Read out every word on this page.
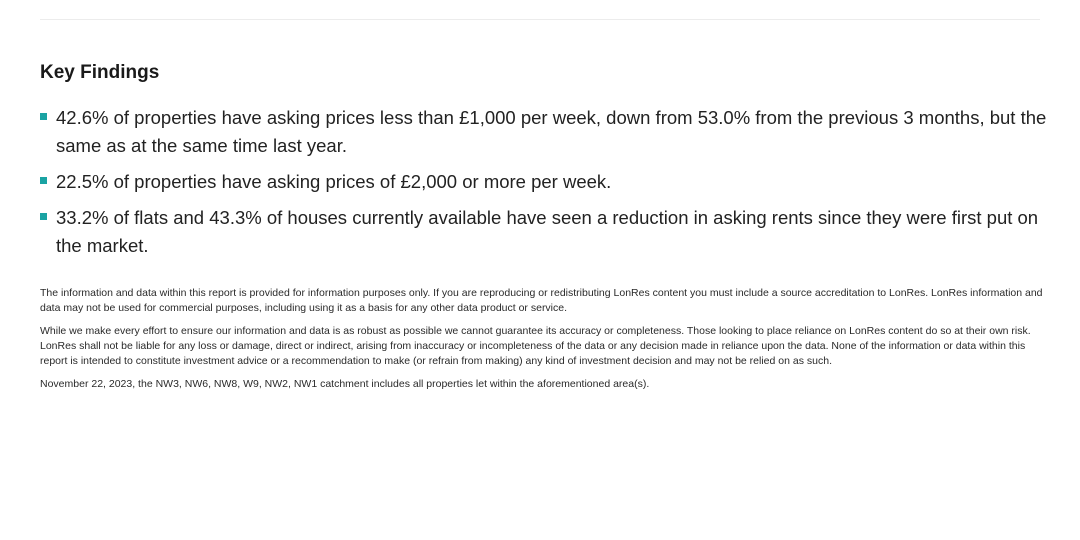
Key Findings
42.6% of properties have asking prices less than £1,000 per week, down from 53.0% from the previous 3 months, but the same as at the same time last year.
22.5% of properties have asking prices of £2,000 or more per week.
33.2% of flats and 43.3% of houses currently available have seen a reduction in asking rents since they were first put on the market.

The information and data within this report is provided for information purposes only. If you are reproducing or redistributing LonRes content you must include a source accreditation to LonRes. LonRes information and data may not be used for commercial purposes, including using it as a basis for any other data product or service.

While we make every effort to ensure our information and data is as robust as possible we cannot guarantee its accuracy or completeness. Those looking to place reliance on LonRes content do so at their own risk. LonRes shall not be liable for any loss or damage, direct or indirect, arising from inaccuracy or incompleteness of the data or any decision made in reliance upon the data. None of the information or data within this report is intended to constitute investment advice or a recommendation to make (or refrain from making) any kind of investment decision and may not be relied on as such.

November 22, 2023, the NW3, NW6, NW8, W9, NW2, NW1 catchment includes all properties let within the aforementioned area(s).
